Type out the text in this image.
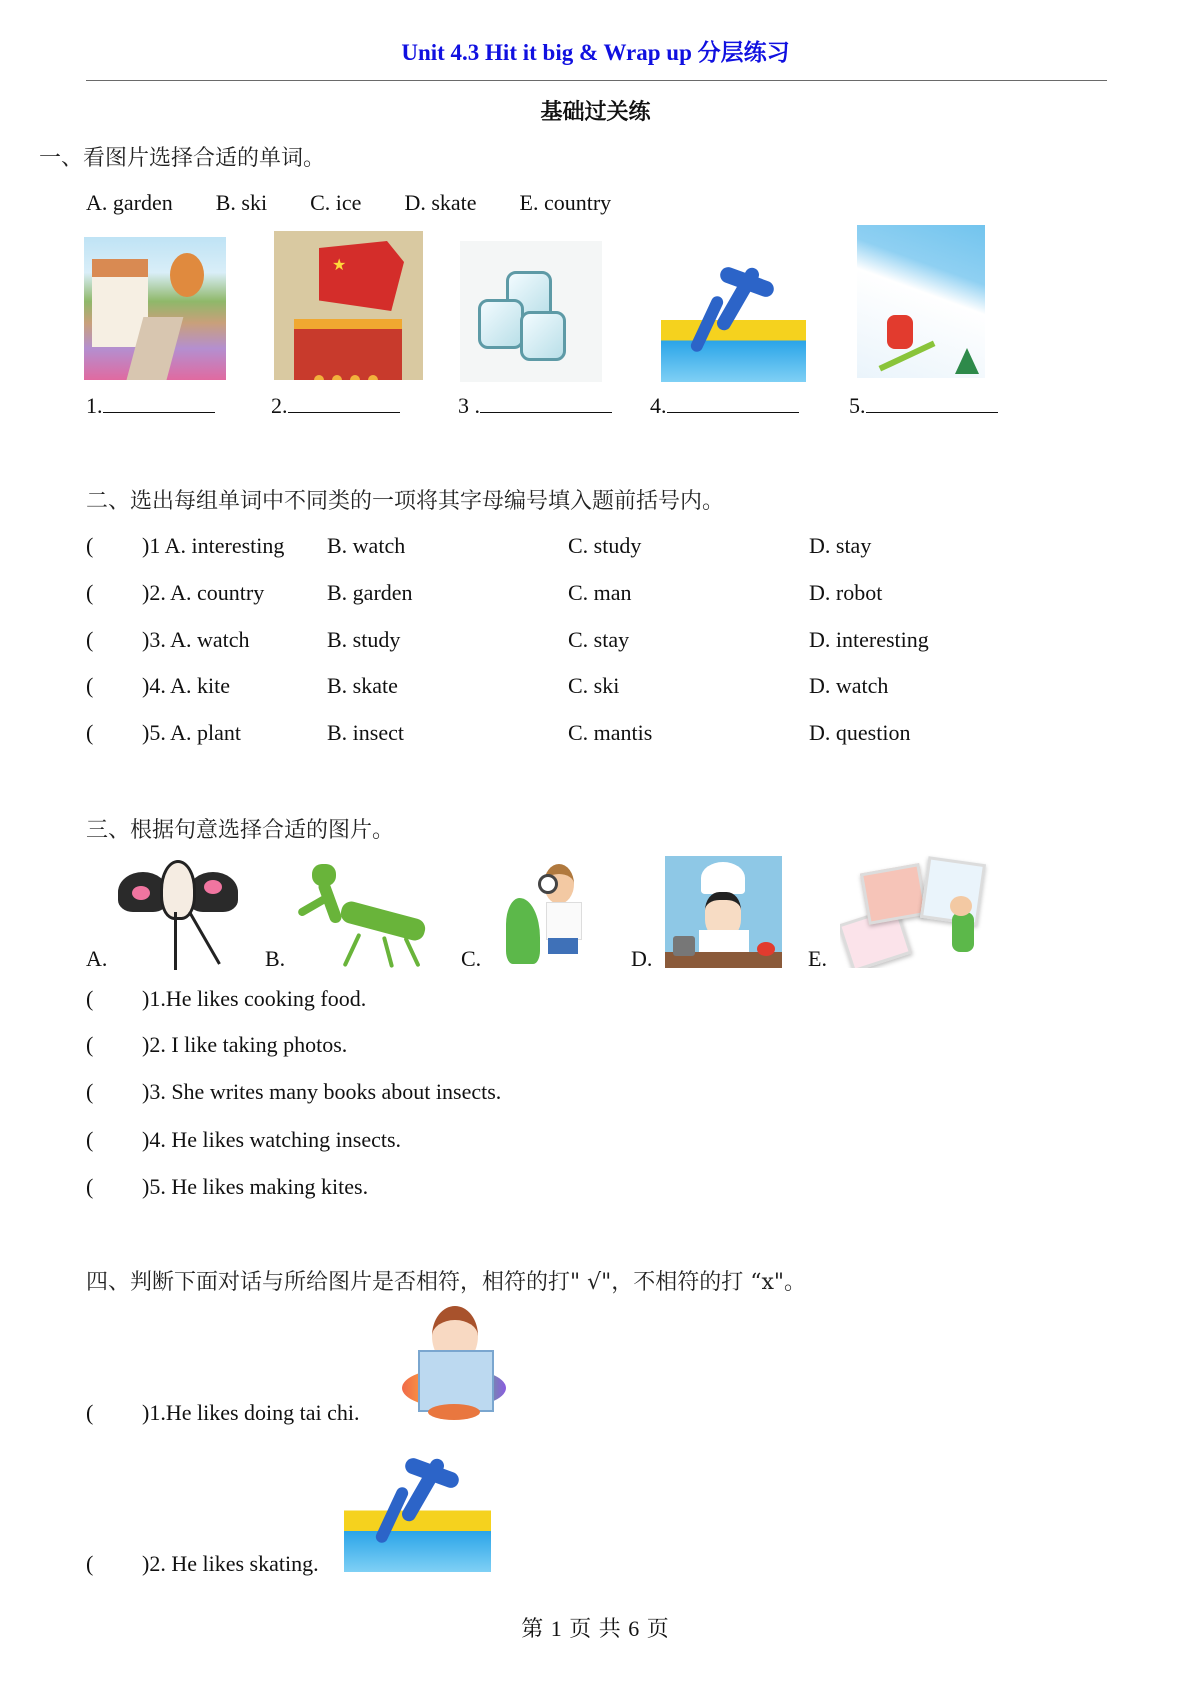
Unit 4.3 Hit it big & Wrap up 分层练习
基础过关练
一、看图片选择合适的单词。
A. garden B. ski C. ice D. skate E. country
★
1.	2.	3 .	4.	5.
二、选出每组单词中不同类的一项将其字母编号填入题前括号内。
( )1 A. interesting B. watch	C. study	D. stay
( )2. A. country	B. garden	C. man	D. robot
( )3. A. watch	B. study	C. stay	D. interesting
( )4. A. kite	B. skate	C. ski	D. watch
( )5. A. plant	B. insect	C. mantis	D. question
三、根据句意选择合适的图片。
A.	B.	C.	D.	E.
( )1.He likes cooking food.
( )2. I like taking photos.
( )3. She writes many books about insects.
( )4. He likes watching insects.
( )5. He likes making kites.
四、判断下面对话与所给图片是否相符，相符的打" √"，不相符的打 “x"。
( )1.He likes doing tai chi.
( )2. He likes skating.
第 1 页 共 6 页
